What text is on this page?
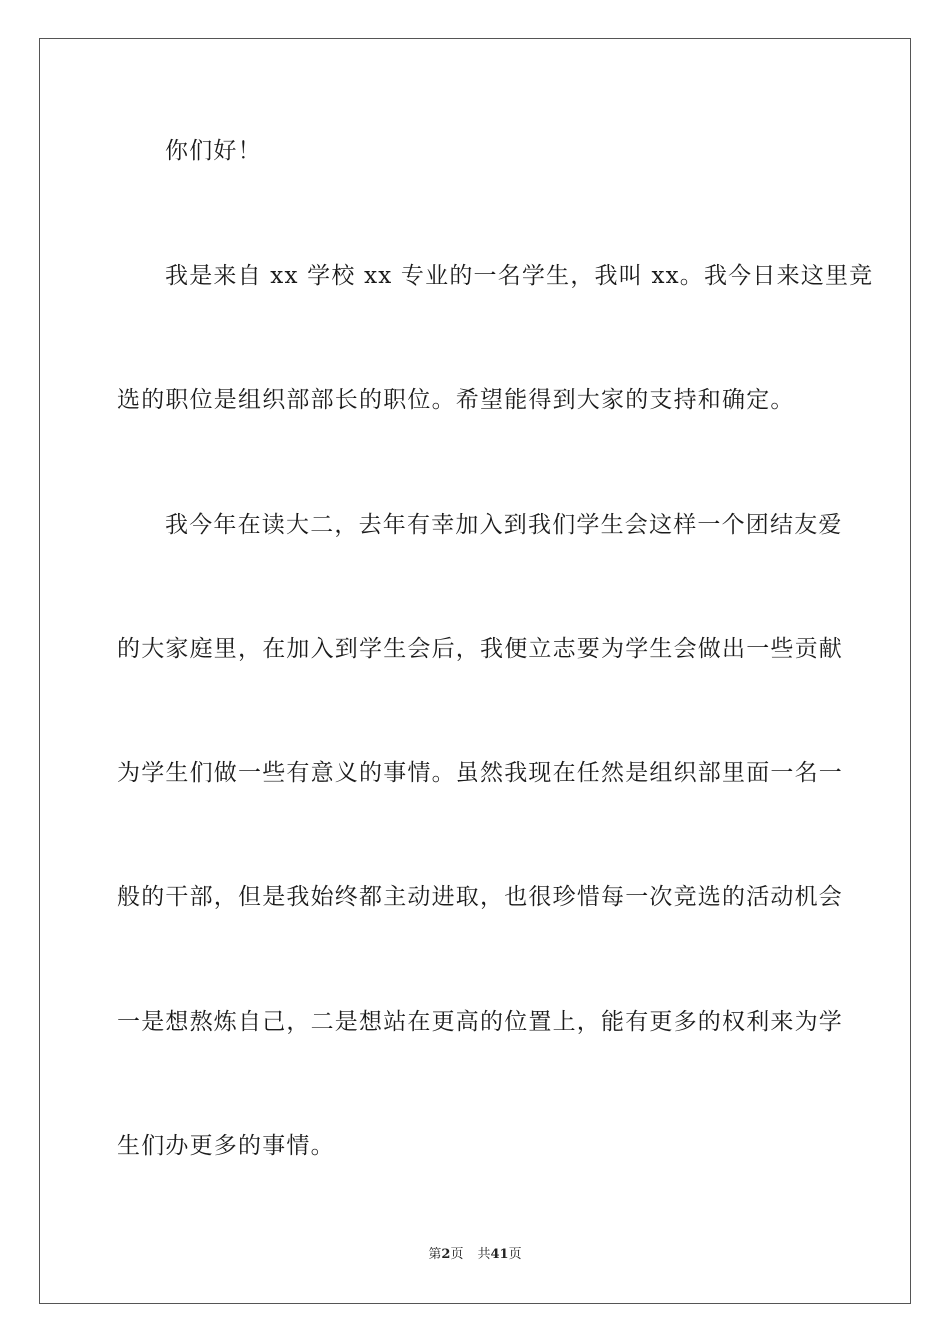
你们好！
我是来自 xx 学校 xx 专业的一名学生，我叫 xx。我今日来这里竞
选的职位是组织部部长的职位。希望能得到大家的支持和确定。
我今年在读大二，去年有幸加入到我们学生会这样一个团结友爱
的大家庭里，在加入到学生会后，我便立志要为学生会做出一些贡献
为学生们做一些有意义的事情。虽然我现在任然是组织部里面一名一
般的干部，但是我始终都主动进取，也很珍惜每一次竞选的活动机会
一是想熬炼自己，二是想站在更高的位置上，能有更多的权利来为学
生们办更多的事情。
第2页 共41页
